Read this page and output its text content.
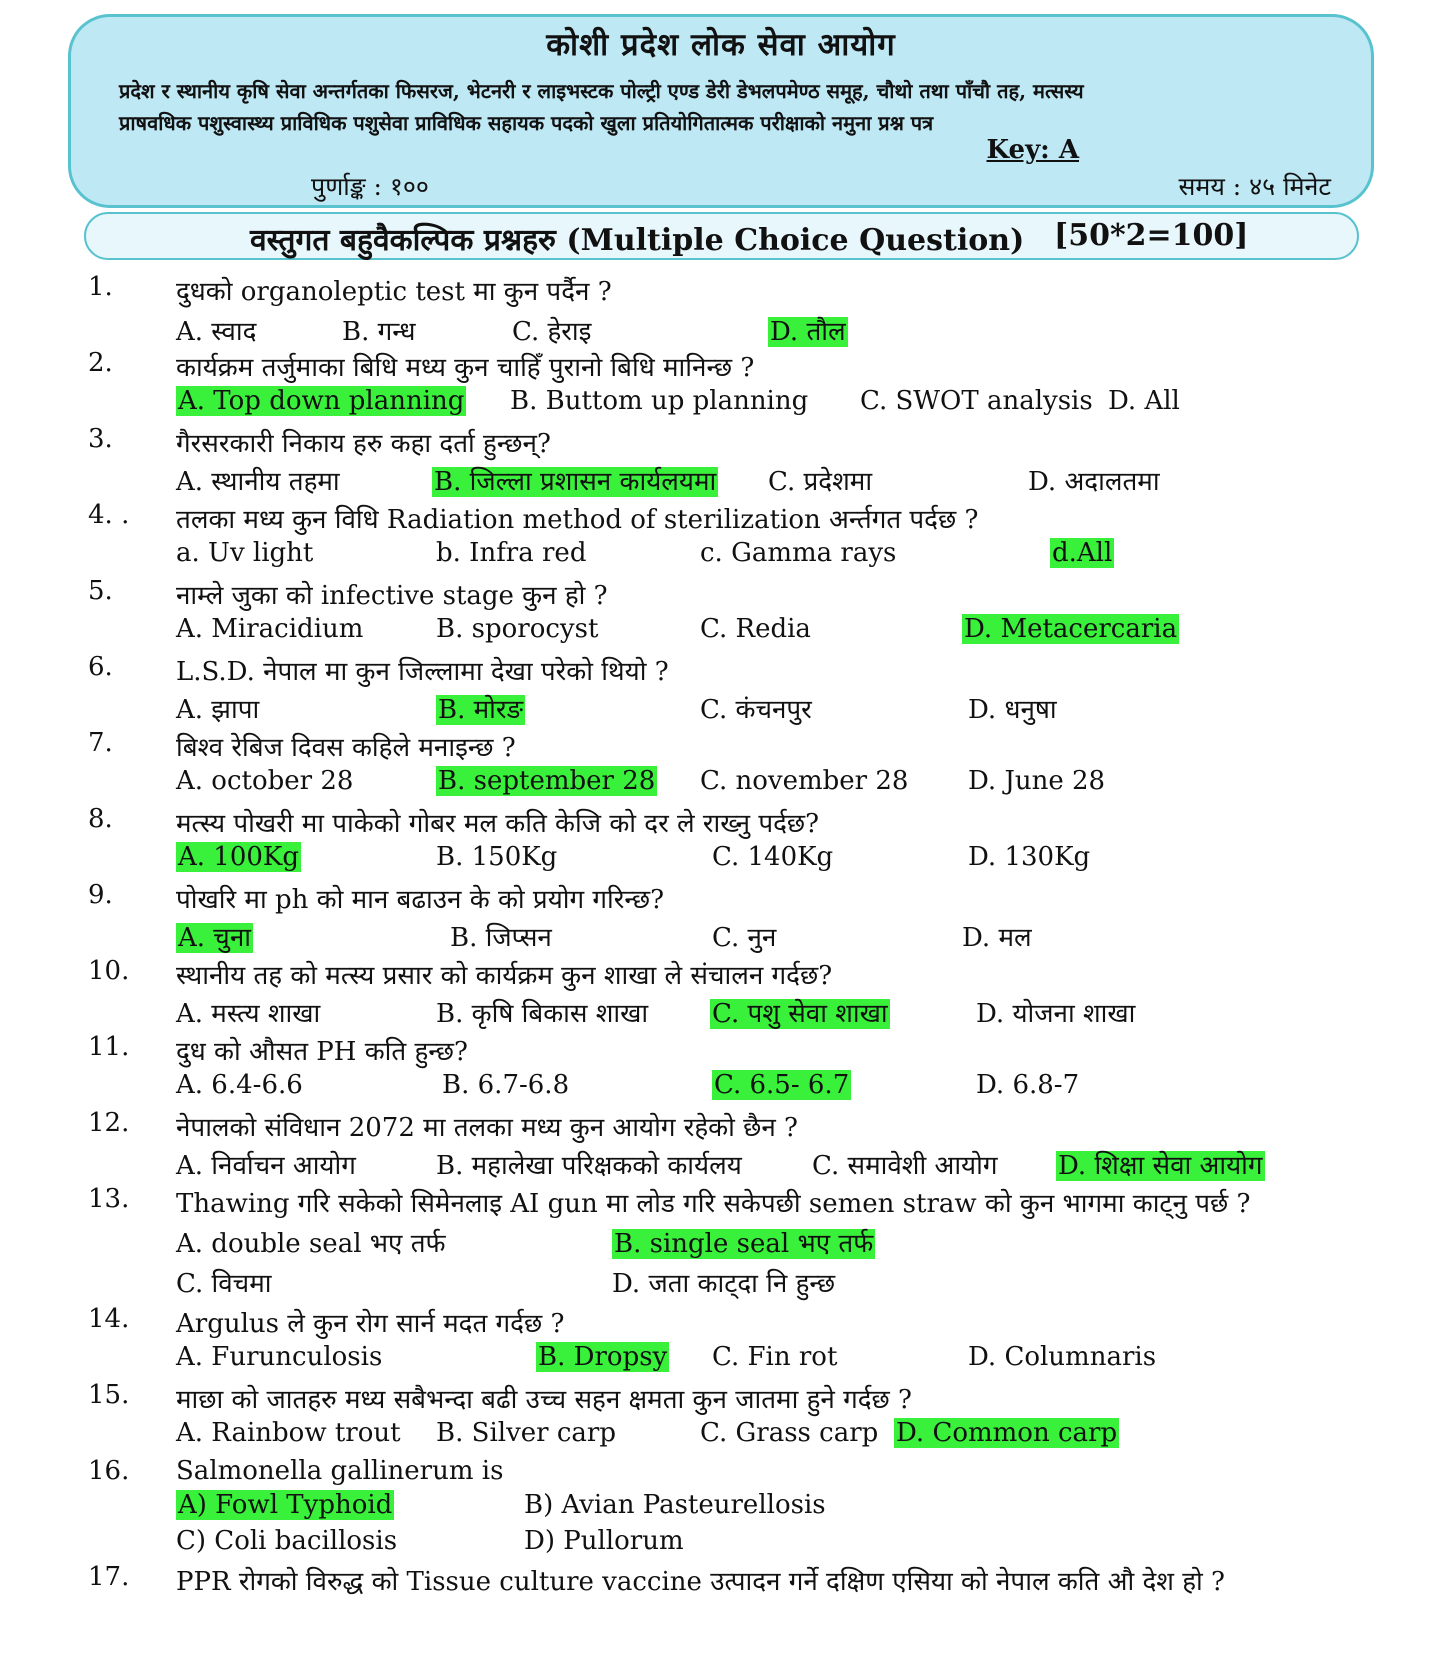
कोशी प्रदेश लोक सेवा आयोग
प्रदेश र स्थानीय कृषि सेवा अन्तर्गतका फिसरज, भेटनरी र लाइभस्टक पोल्ट्री एण्ड डेरी डेभलपमेण्ठ समूह, चौथो तथा पाँचौ तह, मत्सस्य
प्राषवधिक पशुस्वास्थ्य प्राविधिक पशुसेवा प्राविधिक सहायक पदको खुला प्रतियोगितात्मक परीक्षाको नमुना प्रश्न पत्र
Key: A
पुर्णाङ्क : १००	समय : ४५ मिनेट
वस्तुगत बहुवैकल्पिक प्रश्नहरु (Multiple Choice Question) [50*2=100]
1. दुधको organoleptic test मा कुन पर्दैन ?
A. स्वाद	B. गन्ध	C. हेराइ	D. तौल
2. कार्यक्रम तर्जुमाका बिधि मध्य कुन चाहिँ पुरानो बिधि मानिन्छ ?
A. Top down planning B. Buttom up planning C. SWOT analysis D. All
3. गैरसरकारी निकाय हरु कहा दर्ता हुन्छन्?
A. स्थानीय तहमा	B. जिल्ला प्रशासन कार्यलयमा C. प्रदेशमा	D. अदालतमा
4. . तलका मध्य कुन विधि Radiation method of sterilization अर्न्तगत पर्दछ ?
a. Uv light	b. Infra red	c. Gamma rays	d.All
5. नाम्ले जुका को infective stage कुन हो ?
A. Miracidium	B. sporocyst	C. Redia	D. Metacercaria
6. L.S.D. नेपाल मा कुन जिल्लामा देखा परेको थियो ?
A. झापा	B. मोरङ	C. कंचनपुर	D. धनुषा
7. बिश्व रेबिज दिवस कहिले मनाइन्छ ?
A. october 28	B. september 28 C. november 28 D. June 28
8. मत्स्य पोखरी मा पाकेको गोबर मल कति केजि को दर ले राख्नु पर्दछ?
A. 100Kg	B. 150Kg	C. 140Kg	D. 130Kg
9. पोखरि मा ph को मान बढाउन के को प्रयोग गरिन्छ?
A. चुना	B. जिप्सन	C. नुन	D. मल
10. स्थानीय तह को मत्स्य प्रसार को कार्यक्रम कुन शाखा ले संचालन गर्दछ?
A. मस्त्य शाखा	B. कृषि बिकास शाखा C. पशु सेवा शाखा	D. योजना शाखा
11. दुध को औसत PH कति हुन्छ?
A. 6.4-6.6	B. 6.7-6.8	C. 6.5- 6.7	D. 6.8-7
12. नेपालको संविधान 2072 मा तलका मध्य कुन आयोग रहेको छैन ?
A. निर्वाचन आयोग	B. महालेखा परिक्षकको कार्यलय	C. समावेशी आयोग D. शिक्षा सेवा आयोग
13. Thawing गरि सकेको सिमेनलाइ AI gun मा लोड गरि सकेपछी semen straw को कुन भागमा काट्नु पर्छ ?
A. double seal भए तर्फ	B. single seal भए तर्फ
C. विचमा	D. जता काट्दा नि हुन्छ
14. Argulus ले कुन रोग सार्न मदत गर्दछ ?
A. Furunculosis	B. Dropsy C. Fin rot	D. Columnaris
15. माछा को जातहरु मध्य सबैभन्दा बढी उच्च सहन क्षमता कुन जातमा हुने गर्दछ ?
A. Rainbow trout B. Silver carp	C. Grass carp D. Common carp
16. Salmonella gallinerum is
A) Fowl Typhoid	B) Avian Pasteurellosis
C) Coli bacillosis	D) Pullorum
17. PPR रोगको विरुद्ध को Tissue culture vaccine उत्पादन गर्ने दक्षिण एसिया को नेपाल कति औ देश हो ?
